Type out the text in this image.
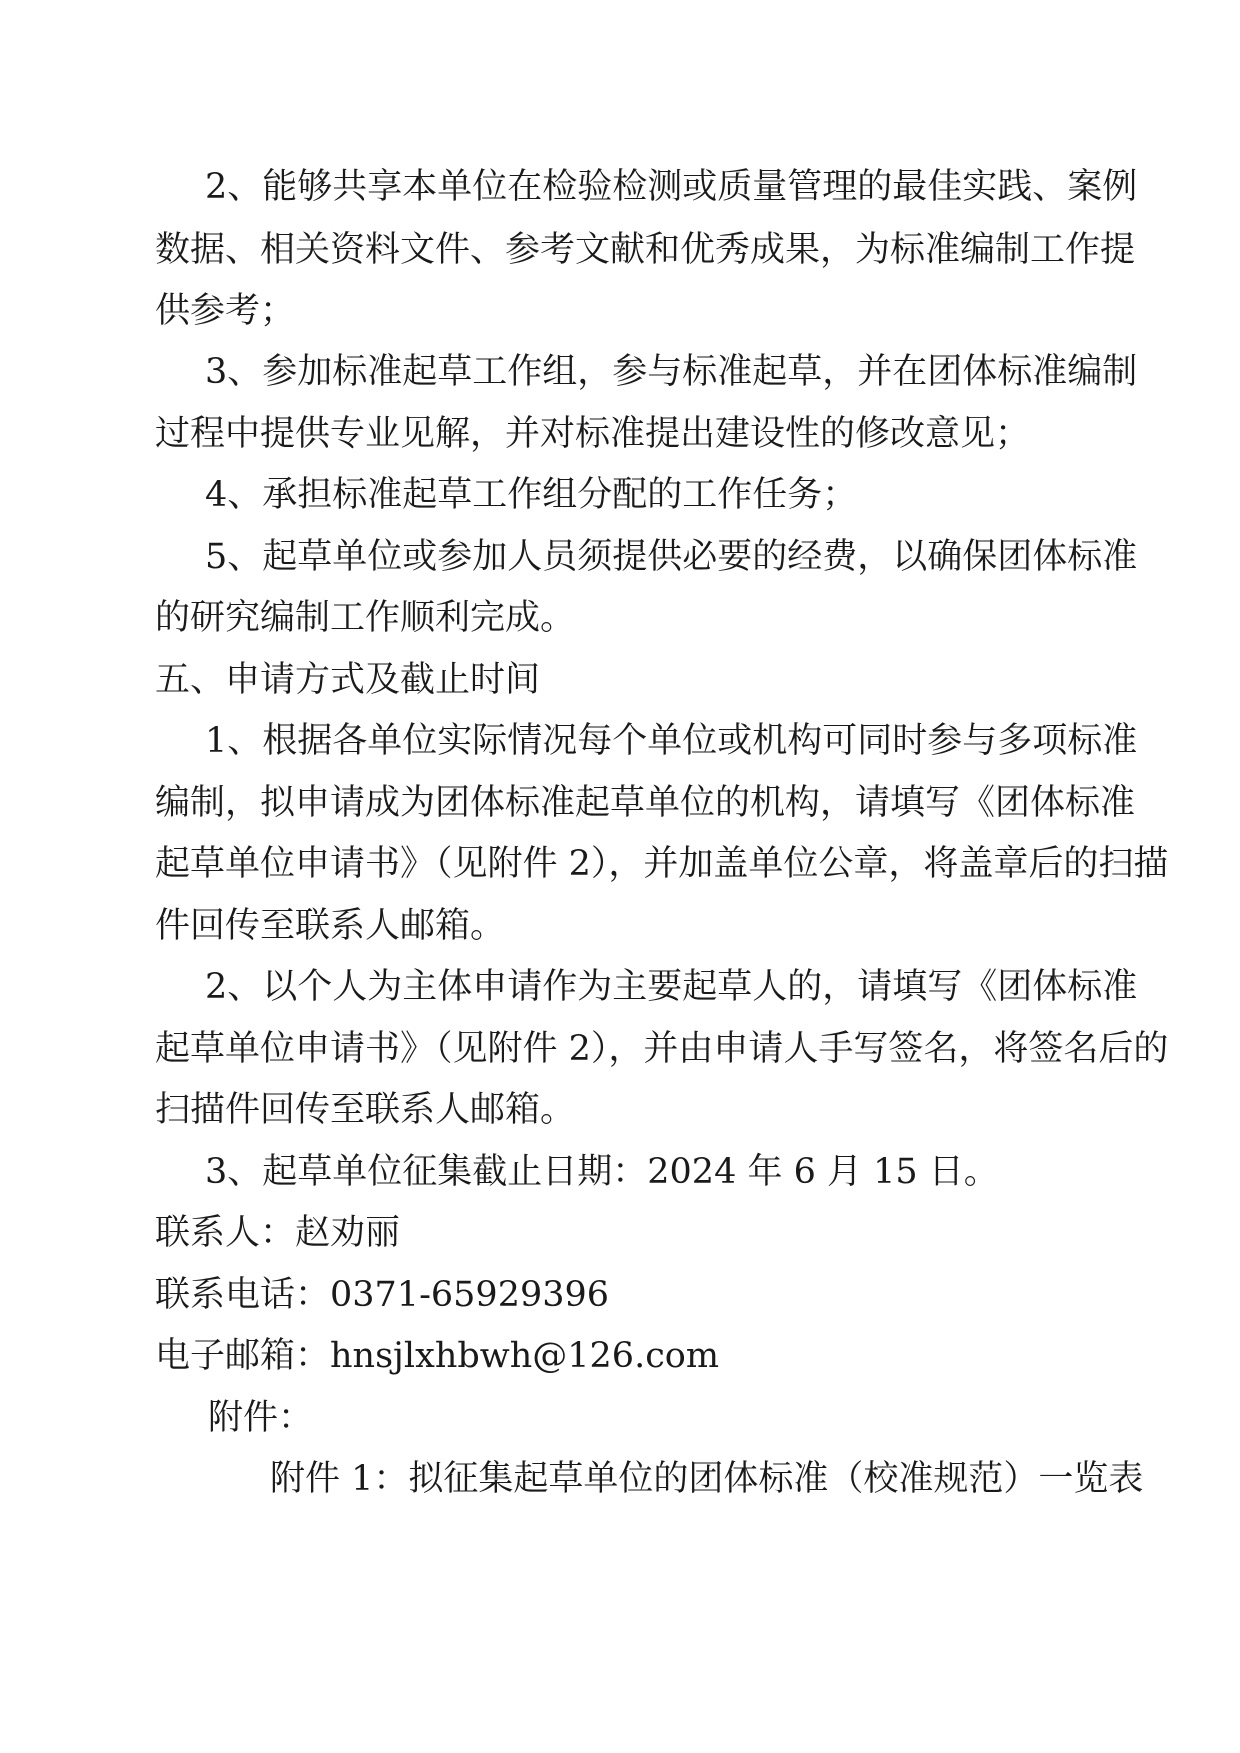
2、能够共享本单位在检验检测或质量管理的最佳实践、案例
数据、相关资料文件、参考文献和优秀成果，为标准编制工作提
供参考；
3、参加标准起草工作组，参与标准起草，并在团体标准编制
过程中提供专业见解，并对标准提出建设性的修改意见；
4、承担标准起草工作组分配的工作任务；
5、起草单位或参加人员须提供必要的经费，以确保团体标准
的研究编制工作顺利完成。
五、申请方式及截止时间
1、根据各单位实际情况每个单位或机构可同时参与多项标准
编制，拟申请成为团体标准起草单位的机构，请填写《团体标准
起草单位申请书》（见附件 2），并加盖单位公章，将盖章后的扫描
件回传至联系人邮箱。
2、以个人为主体申请作为主要起草人的，请填写《团体标准
起草单位申请书》（见附件 2），并由申请人手写签名，将签名后的
扫描件回传至联系人邮箱。
3、起草单位征集截止日期：2024 年 6 月 15 日。
联系人：赵劝丽
联系电话：0371-65929396
电子邮箱：hnsjlxhbwh@126.com
附件：
附件 1：拟征集起草单位的团体标准（校准规范）一览表
